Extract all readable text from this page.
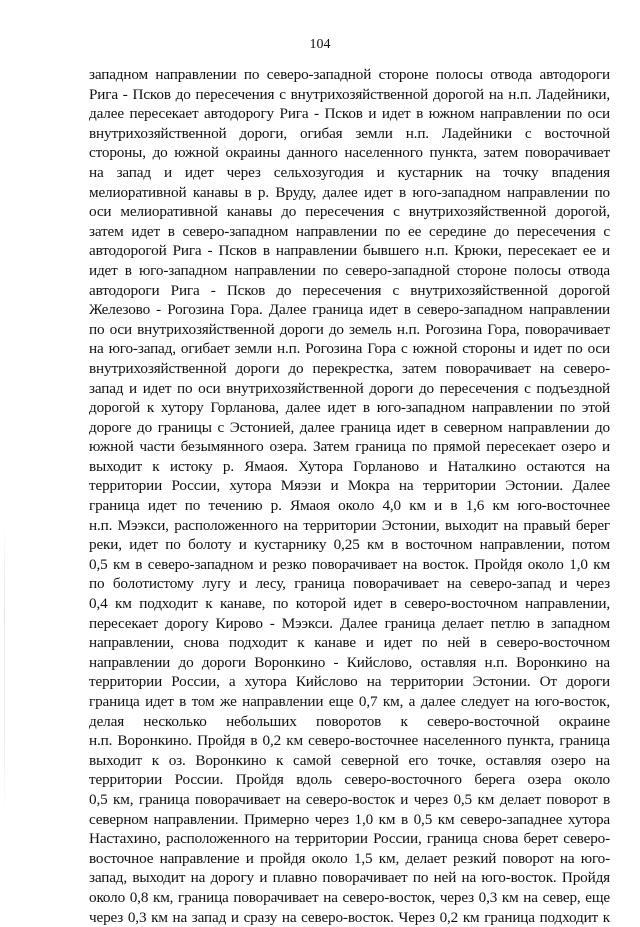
104
западном направлении по северо-западной стороне полосы отвода автодороги
Рига - Псков до пересечения с внутрихозяйственной дорогой на н.п. Ладейники,
далее пересекает автодорогу Рига - Псков и идет в южном направлении по оси
внутрихозяйственной дороги, огибая земли н.п. Ладейники с восточной
стороны, до южной окраины данного населенного пункта, затем поворачивает
на запад и идет через сельхозугодия и кустарник на точку впадения
мелиоративной канавы в р. Вруду, далее идет в юго-западном направлении по
оси мелиоративной канавы до пересечения с внутрихозяйственной дорогой,
затем идет в северо-западном направлении по ее середине до пересечения с
автодорогой Рига - Псков в направлении бывшего н.п. Крюки, пересекает ее и
идет в юго-западном направлении по северо-западной стороне полосы отвода
автодороги Рига - Псков до пересечения с внутрихозяйственной дорогой
Железово - Рогозина Гора. Далее граница идет в северо-западном направлении
по оси внутрихозяйственной дороги до земель н.п. Рогозина Гора, поворачивает
на юго-запад, огибает земли н.п. Рогозина Гора с южной стороны и идет по оси
внутрихозяйственной дороги до перекрестка, затем поворачивает на северо-
запад и идет по оси внутрихозяйственной дороги до пересечения с подъездной
дорогой к хутору Горланова, далее идет в юго-западном направлении по этой
дороге до границы с Эстонией, далее граница идет в северном направлении до
южной части безымянного озера. Затем граница по прямой пересекает озеро и
выходит к истоку р. Ямаоя. Хутора Горланово и Наталкино остаются на
территории России, хутора Мяэзи и Мокра на территории Эстонии. Далее
граница идет по течению р. Ямаоя около 4,0 км и в 1,6 км юго-восточнее
н.п. Мээкси, расположенного на территории Эстонии, выходит на правый берег
реки, идет по болоту и кустарнику 0,25 км в восточном направлении, потом
0,5 км в северо-западном и резко поворачивает на восток. Пройдя около 1,0 км
по болотистому лугу и лесу, граница поворачивает на северо-запад и через
0,4 км подходит к канаве, по которой идет в северо-восточном направлении,
пересекает дорогу Кирово - Мээкси. Далее граница делает петлю в западном
направлении, снова подходит к канаве и идет по ней в северо-восточном
направлении до дороги Воронкино - Кийслово, оставляя н.п. Воронкино на
территории России, а хутора Кийслово на территории Эстонии. От дороги
граница идет в том же направлении еще 0,7 км, а далее следует на юго-восток,
делая несколько небольших поворотов к северо-восточной окраине
н.п. Воронкино. Пройдя в 0,2 км северо-восточнее населенного пункта, граница
выходит к оз. Воронкино к самой северной его точке, оставляя озеро на
территории России. Пройдя вдоль северо-восточного берега озера около
0,5 км, граница поворачивает на северо-восток и через 0,5 км делает поворот в
северном направлении. Примерно через 1,0 км в 0,5 км северо-западнее хутора
Настахино, расположенного на территории России, граница снова берет северо-
восточное направление и пройдя около 1,5 км, делает резкий поворот на юго-
запад, выходит на дорогу и плавно поворачивает по ней на юго-восток. Пройдя
около 0,8 км, граница поворачивает на северо-восток, через 0,3 км на север, еще
через 0,3 км на запад и сразу на северо-восток. Через 0,2 км граница подходит к
